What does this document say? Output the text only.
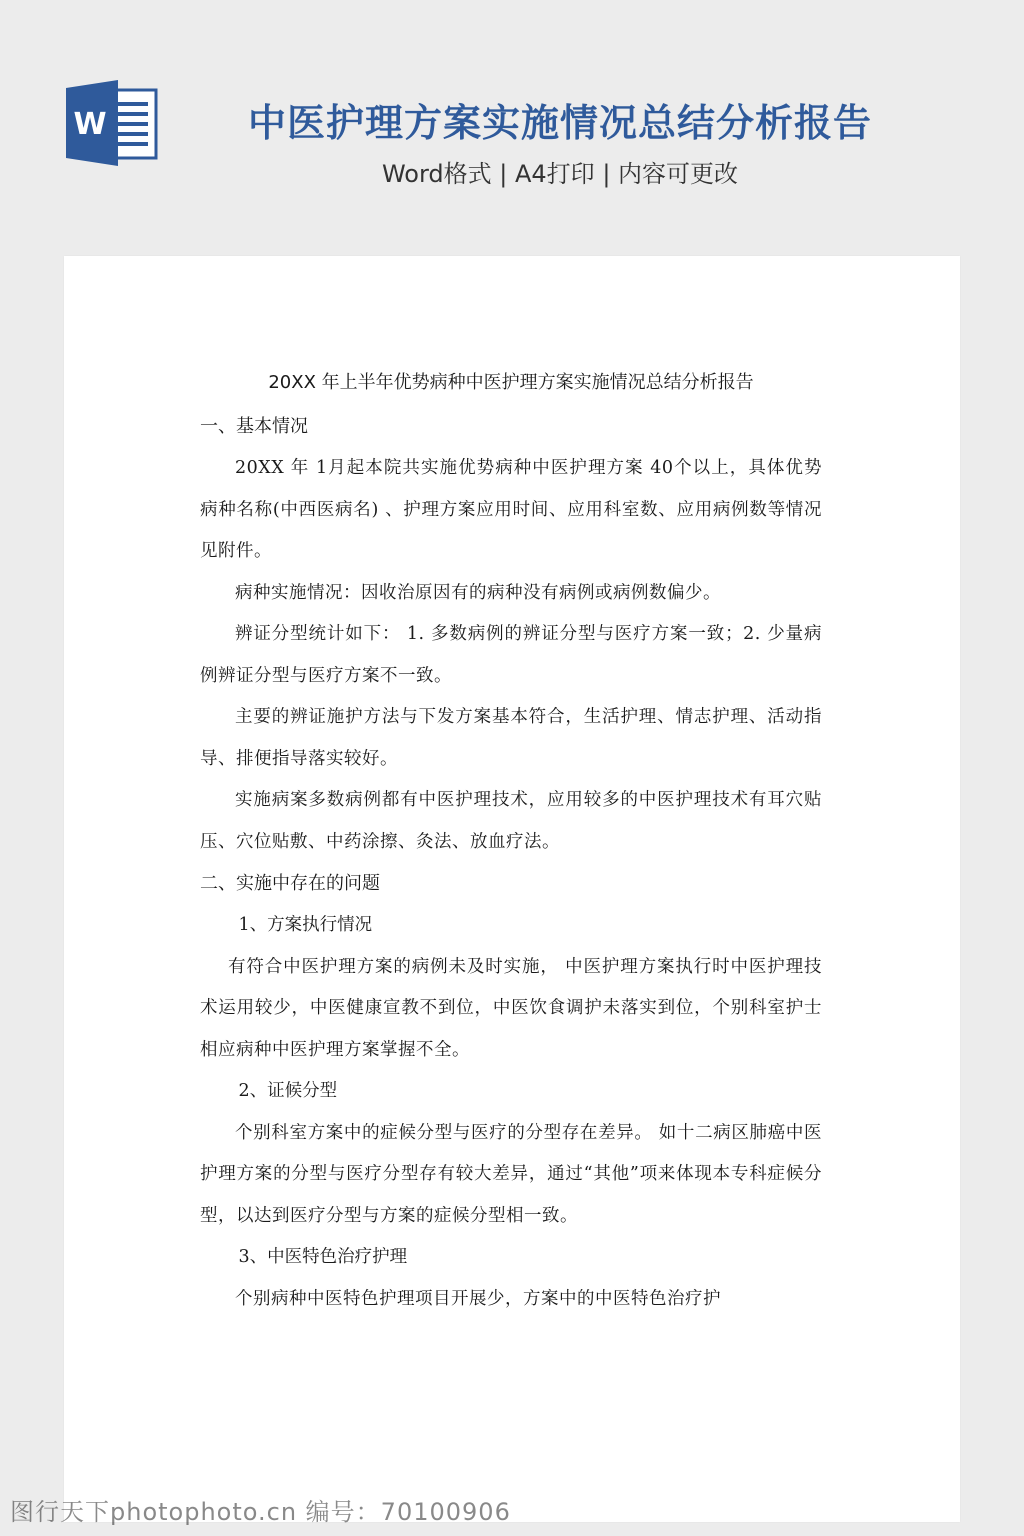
W	中医护理方案实施情况总结分析报告
Word格式 | A4打印 | 内容可更改
20XX 年上半年优势病种中医护理方案实施情况总结分析报告
一、基本情况

20XX 年 1月起本院共实施优势病种中医护理方案 40个以上，具体优势病种名称(中西医病名) 、护理方案应用时间、应用科室数、应用病例数等情况见附件。

病种实施情况：因收治原因有的病种没有病例或病例数偏少。

辨证分型统计如下： 1. 多数病例的辨证分型与医疗方案一致；2. 少量病例辨证分型与医疗方案不一致。

主要的辨证施护方法与下发方案基本符合，生活护理、情志护理、活动指导、排便指导落实较好。

实施病案多数病例都有中医护理技术，应用较多的中医护理技术有耳穴贴压、穴位贴敷、中药涂擦、灸法、放血疗法。

二、实施中存在的问题
1、方案执行情况

有符合中医护理方案的病例未及时实施， 中医护理方案执行时中医护理技术运用较少，中医健康宣教不到位，中医饮食调护未落实到位，个别科室护士相应病种中医护理方案掌握不全。

2、证候分型

个别科室方案中的症候分型与医疗的分型存在差异。 如十二病区肺癌中医护理方案的分型与医疗分型存有较大差异，通过“其他”项来体现本专科症候分型，以达到医疗分型与方案的症候分型相一致。

3、中医特色治疗护理

个别病种中医特色护理项目开展少，方案中的中医特色治疗护

图行天下photophoto.cn 编号：70100906
